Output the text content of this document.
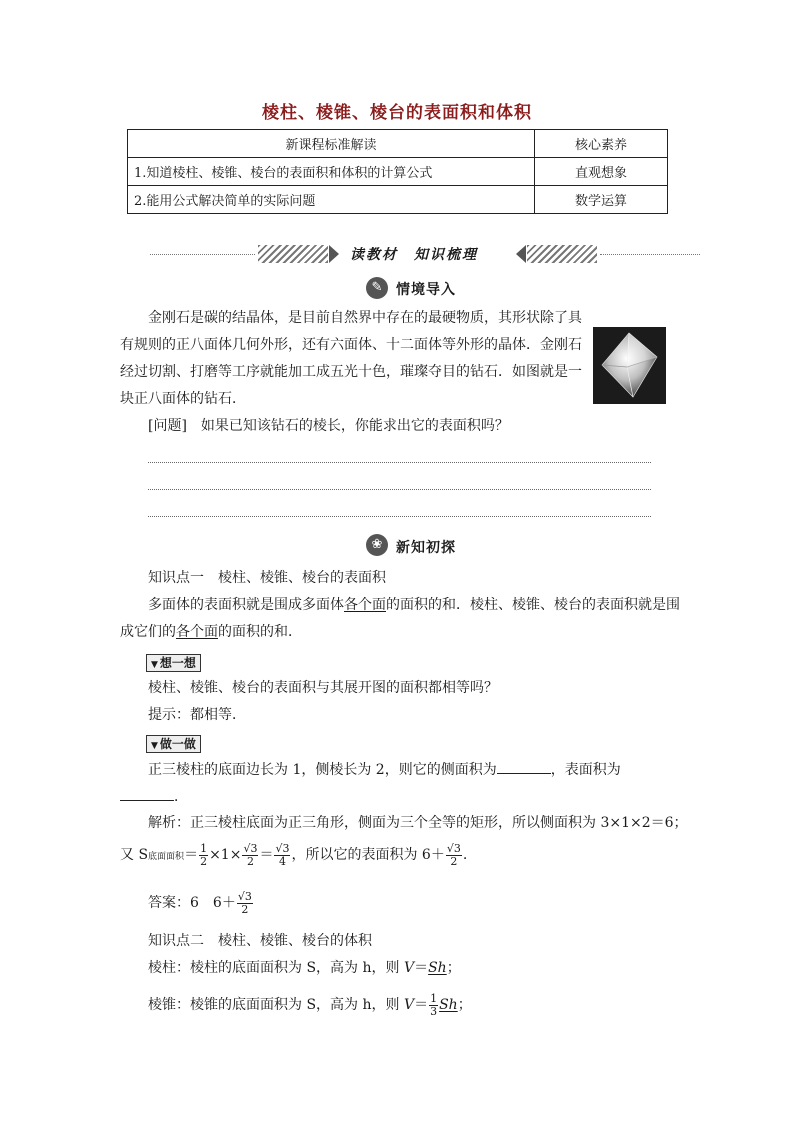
棱柱、棱锥、棱台的表面积和体积
新课程标准解读	核心素养
1.知道棱柱、棱锥、棱台的表面积和体积的计算公式	直观想象
2.能用公式解决简单的实际问题	数学运算
读教材　知识梳理
✎ 情境导入

金刚石是碳的结晶体，是目前自然界中存在的最硬物质，其形状除了具

有规则的正八面体几何外形，还有六面体、十二面体等外形的晶体．金刚石

经过切割、打磨等工序就能加工成五光十色，璀璨夺目的钻石．如图就是一

块正八面体的钻石．

[问题]　如果已知该钻石的棱长，你能求出它的表面积吗？

❀ 新知初探
知识点一　棱柱、棱锥、棱台的表面积

多面体的表面积就是围成多面体各个面的面积的和．棱柱、棱锥、棱台的表面积就是围

成它们的各个面的面积的和．

▼ 想一想
棱柱、棱锥、棱台的表面积与其展开图的面积都相等吗？
提示：都相等．
▼ 做一做

正三棱柱的底面边长为 1，侧棱长为 2，则它的侧面积为	，表面积为

．

解析：正三棱柱底面为正三角形，侧面为三个全等的矩形，所以侧面积为 3×1×2＝6；
又 S底面面积＝ $\frac{1}{2} \times 1\times \frac{√3}{2} = \frac{√3}{4}$ ，所以它的表面积为 $6+ \frac{√3}{2}$ .
答案：6　$6+ \frac{√3}{2}$
知识点二　棱柱、棱锥、棱台的体积
棱柱：棱柱的底面面积为 S，高为 h，则 V＝Sh；
棱锥：棱锥的底面面积为 S，高为 h，则 $V= \frac{1}{3}$ Sh；
